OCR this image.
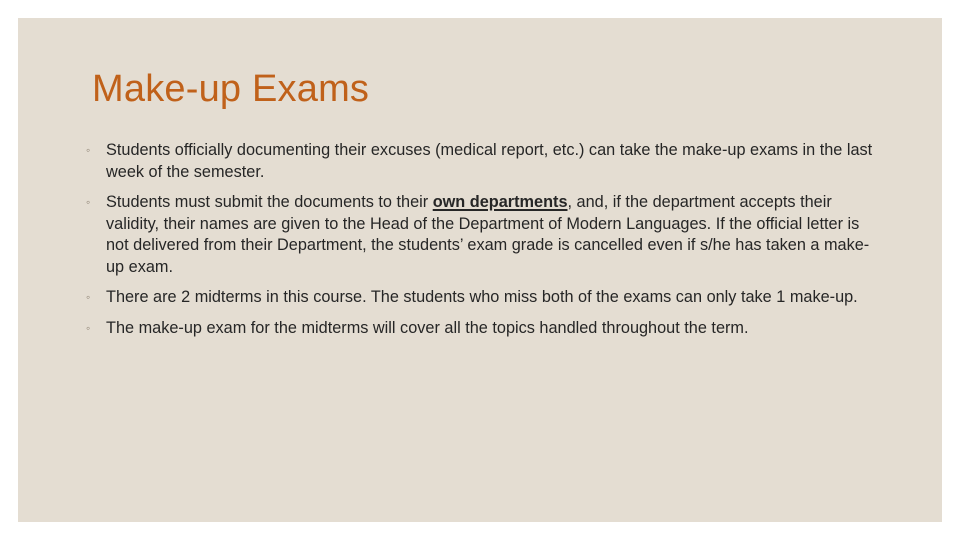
Make-up Exams
◦ Students officially documenting their excuses (medical report, etc.) can take the make-up exams in the last week of the semester.
◦ Students must submit the documents to their own departments, and, if the department accepts their validity, their names are given to the Head of the Department of Modern Languages. If the official letter is not delivered from their Department, the students’ exam grade is cancelled even if s/he has taken a make-up exam.
◦ There are 2 midterms in this course. The students who miss both of the exams can only take 1 make-up.
◦ The make-up exam for the midterms will cover all the topics handled throughout the term.
